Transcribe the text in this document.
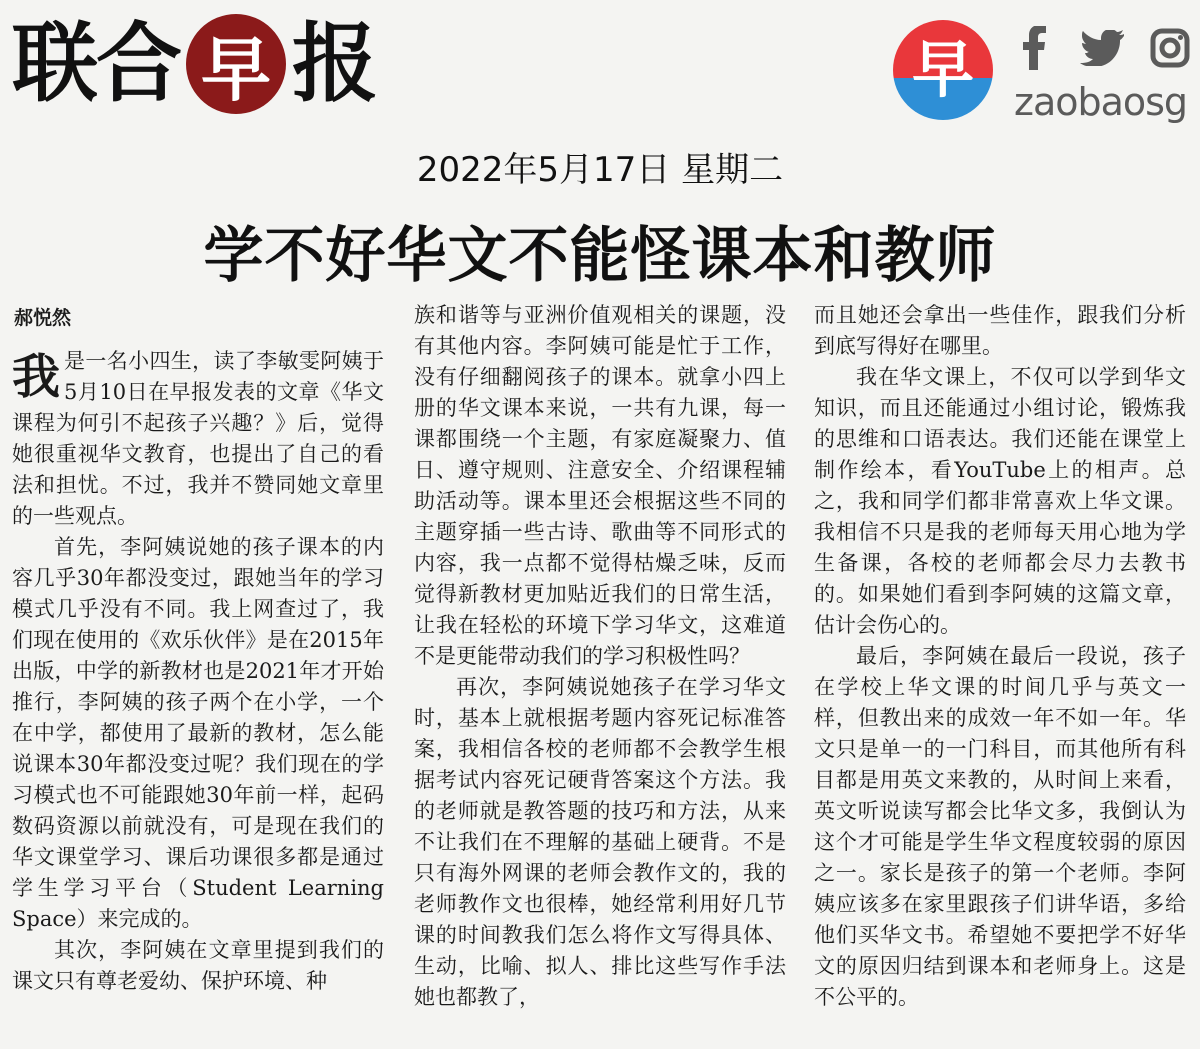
联 合 早 报	早 zaobaosg
2022年5月17日 星期二
学不好华文不能怪课本和教师
郝悦然

我是一名小四生，读了李敏雯阿姨于5月10日在早报发表的文章《华文课程为何引不起孩子兴趣？》后，觉得她很重视华文教育，也提出了自己的看法和担忧。不过，我并不赞同她文章里的一些观点。

首先，李阿姨说她的孩子课本的内容几乎30年都没变过，跟她当年的学习模式几乎没有不同。我上网查过了，我们现在使用的《欢乐伙伴》是在2015年出版，中学的新教材也是2021年才开始推行，李阿姨的孩子两个在小学，一个在中学，都使用了最新的教材，怎么能说课本30年都没变过呢？我们现在的学习模式也不可能跟她30年前一样，起码数码资源以前就没有，可是现在我们的华文课堂学习、课后功课很多都是通过学生学习平台（Student Learning Space）来完成的。

其次，李阿姨在文章里提到我们的课文只有尊老爱幼、保护环境、种

族和谐等与亚洲价值观相关的课题，没有其他内容。李阿姨可能是忙于工作，没有仔细翻阅孩子的课本。就拿小四上册的华文课本来说，一共有九课，每一课都围绕一个主题，有家庭凝聚力、值日、遵守规则、注意安全、介绍课程辅助活动等。课本里还会根据这些不同的主题穿插一些古诗、歌曲等不同形式的内容，我一点都不觉得枯燥乏味，反而觉得新教材更加贴近我们的日常生活，让我在轻松的环境下学习华文，这难道不是更能带动我们的学习积极性吗？

再次，李阿姨说她孩子在学习华文时，基本上就根据考题内容死记标准答案，我相信各校的老师都不会教学生根据考试内容死记硬背答案这个方法。我的老师就是教答题的技巧和方法，从来不让我们在不理解的基础上硬背。不是只有海外网课的老师会教作文的，我的老师教作文也很棒，她经常利用好几节课的时间教我们怎么将作文写得具体、生动，比喻、拟人、排比这些写作手法她也都教了，

而且她还会拿出一些佳作，跟我们分析到底写得好在哪里。

我在华文课上，不仅可以学到华文知识，而且还能通过小组讨论，锻炼我的思维和口语表达。我们还能在课堂上制作绘本，看YouTube上的相声。总之，我和同学们都非常喜欢上华文课。我相信不只是我的老师每天用心地为学生备课，各校的老师都会尽力去教书的。如果她们看到李阿姨的这篇文章，估计会伤心的。

最后，李阿姨在最后一段说，孩子在学校上华文课的时间几乎与英文一样，但教出来的成效一年不如一年。华文只是单一的一门科目，而其他所有科目都是用英文来教的，从时间上来看，英文听说读写都会比华文多，我倒认为这个才可能是学生华文程度较弱的原因之一。家长是孩子的第一个老师。李阿姨应该多在家里跟孩子们讲华语，多给他们买华文书。希望她不要把学不好华文的原因归结到课本和老师身上。这是不公平的。
